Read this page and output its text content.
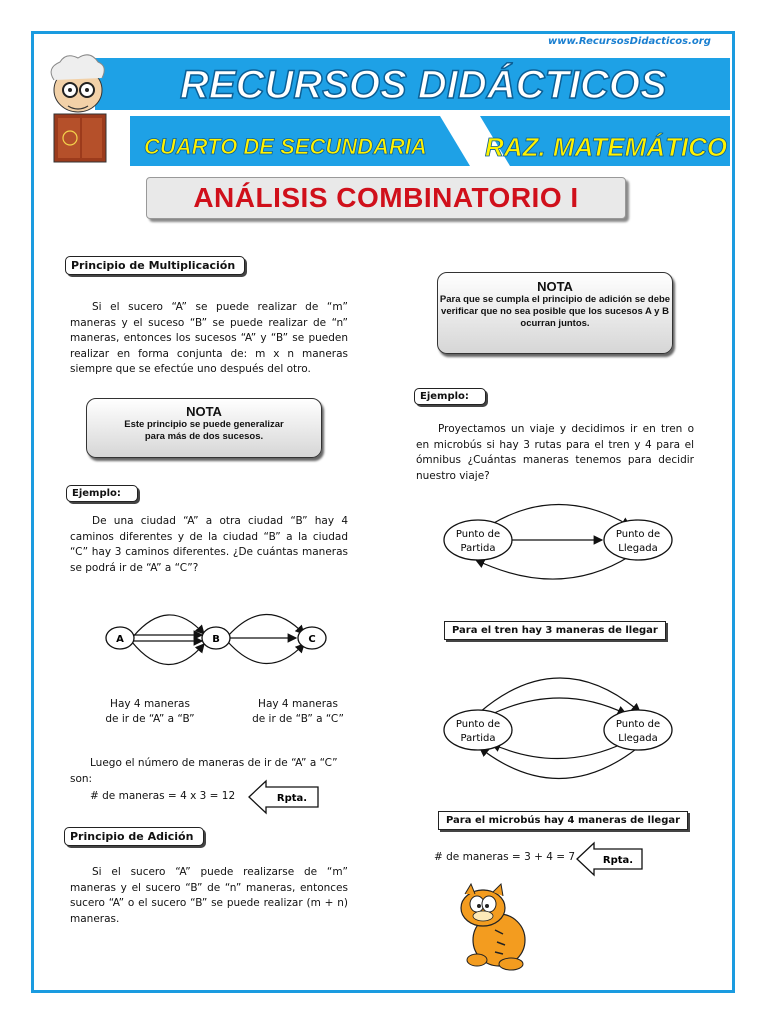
www.RecursosDidacticos.org
RECURSOS DIDÁCTICOS
CUARTO DE SECUNDARIA RAZ. MATEMÁTICO
ANÁLISIS COMBINATORIO I
Principio de Multiplicación
Si el sucero “A” se puede realizar de “m” maneras y el suceso “B” se puede realizar de “n” maneras, entonces los sucesos “A” y “B” se pueden realizar en forma conjunta de: m x n maneras siempre que se efectúe uno después del otro.
NOTA
Este principio se puede generalizar
para más de dos sucesos.
Ejemplo:
De una ciudad “A” a otra ciudad “B” hay 4 caminos diferentes y de la ciudad “B” a la ciudad “C” hay 3 caminos diferentes. ¿De cuántas maneras se podrá ir de “A” a “C”?
A	B	C
Hay 4 maneras
de ir de “A” a “B”
Hay 4 maneras
de ir de “B” a “C”
Luego el número de maneras de ir de “A” a “C”
son:
# de maneras = 4 x 3 = 12	Rpta.
Principio de Adición
Si el sucero “A” puede realizarse de “m” maneras y el sucero “B” de “n” maneras, entonces sucero “A” o el sucero “B” se puede realizar (m + n) maneras.
NOTA
Para que se cumpla el principio de adición se debe
verificar que no sea posible que los sucesos A y B
ocurran juntos.
Ejemplo:
Proyectamos un viaje y decidimos ir en tren o en microbús si hay 3 rutas para el tren y 4 para el ómnibus ¿Cuántas maneras tenemos para decidir nuestro viaje?
Punto de
Partida
Punto de
Llegada
Para el tren hay 3 maneras de llegar
Punto de
Partida
Punto de
Llegada
Para el microbús hay 4 maneras de llegar
# de maneras = 3 + 4 = 7	Rpta.
